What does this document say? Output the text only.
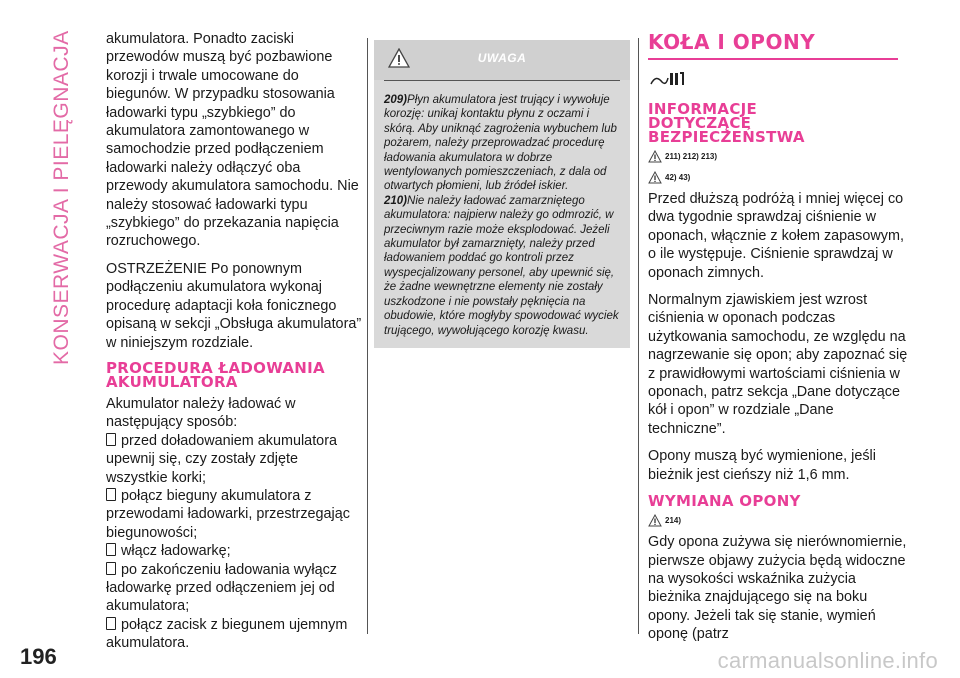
KONSERWACJA I PIELĘGNACJA
196	carmanualsonline.info

akumulatora. Ponadto zaciski przewodów muszą być pozbawione korozji i trwale umocowane do biegunów. W przypadku stosowania ładowarki typu „szybkiego” do akumulatora zamontowanego w samochodzie przed podłączeniem ładowarki należy odłączyć oba przewody akumulatora samochodu. Nie należy stosować ładowarki typu „szybkiego” do przekazania napięcia rozruchowego.

OSTRZEŻENIE Po ponownym podłączeniu akumulatora wykonaj procedurę adaptacji koła fonicznego opisaną w sekcji „Obsługa akumulatora” w niniejszym rozdziale.

PROCEDURA ŁADOWANIA AKUMULATORA

Akumulator należy ładować w następujący sposób:

przed doładowaniem akumulatora upewnij się, czy zostały zdjęte wszystkie korki;

połącz bieguny akumulatora z przewodami ładowarki, przestrzegając biegunowości;

włącz ładowarkę;

po zakończeniu ładowania wyłącz ładowarkę przed odłączeniem jej od akumulatora;

połącz zacisk z biegunem ujemnym akumulatora.

UWAGA
209)Płyn akumulatora jest trujący i wywołuje korozję: unikaj kontaktu płynu z oczami i skórą. Aby uniknąć zagrożenia wybuchem lub pożarem, należy przeprowadzać procedurę ładowania akumulatora w dobrze wentylowanych pomieszczeniach, z dala od otwartych płomieni, lub źródeł iskier.
210)Nie należy ładować zamarzniętego akumulatora: najpierw należy go odmrozić, w przeciwnym razie może eksplodować. Jeżeli akumulator był zamarznięty, należy przed ładowaniem poddać go kontroli przez wyspecjalizowany personel, aby upewnić się, że żadne wewnętrzne elementy nie zostały uszkodzone i nie powstały pęknięcia na obudowie, które mogłyby spowodować wyciek trującego, wywołującego korozję kwasu.
KOŁA I OPONY
INFORMACJE DOTYCZĄCE BEZPIECZEŃSTWA
211) 212) 213)
42) 43)

Przed dłuższą podróżą i mniej więcej co dwa tygodnie sprawdzaj ciśnienie w oponach, włącznie z kołem zapasowym, o ile występuje. Ciśnienie sprawdzaj w oponach zimnych.

Normalnym zjawiskiem jest wzrost ciśnienia w oponach podczas użytkowania samochodu, ze względu na nagrzewanie się opon; aby zapoznać się z prawidłowymi wartościami ciśnienia w oponach, patrz sekcja „Dane dotyczące kół i opon” w rozdziale „Dane techniczne”.

Opony muszą być wymienione, jeśli bieżnik jest cieńszy niż 1,6 mm.

WYMIANA OPONY
214)

Gdy opona zużywa się nierównomiernie, pierwsze objawy zużycia będą widoczne na wysokości wskaźnika zużycia bieżnika znajdującego się na boku opony. Jeżeli tak się stanie, wymień oponę (patrz
